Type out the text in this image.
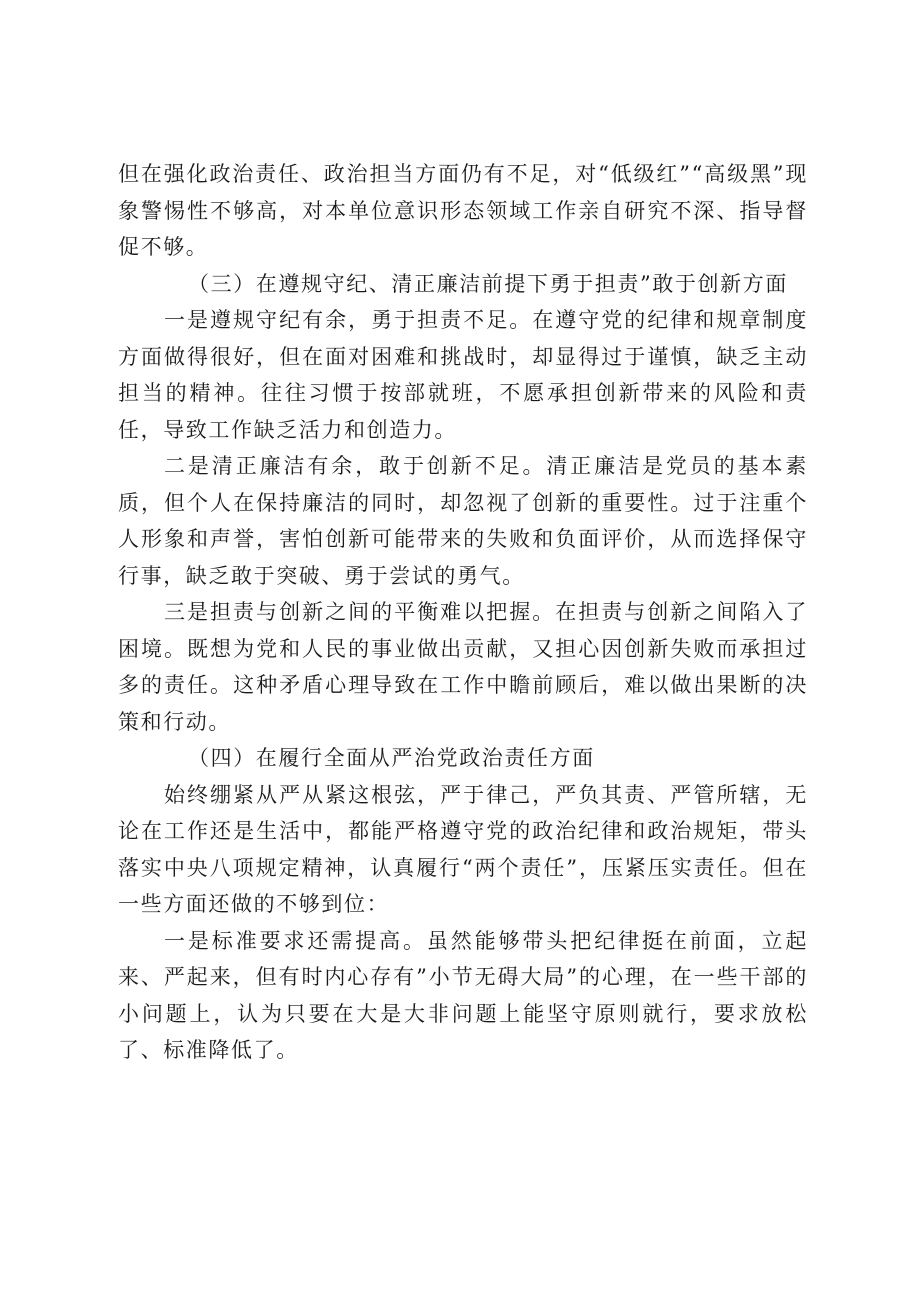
但在强化政治责任、政治担当方面仍有不足，对“低级红”“高级黑”现象警惕性不够高，对本单位意识形态领域工作亲自研究不深、指导督促不够。

（三）在遵规守纪、清正廉洁前提下勇于担责”敢于创新方面

一是遵规守纪有余，勇于担责不足。在遵守党的纪律和规章制度方面做得很好，但在面对困难和挑战时，却显得过于谨慎，缺乏主动担当的精神。往往习惯于按部就班，不愿承担创新带来的风险和责任，导致工作缺乏活力和创造力。

二是清正廉洁有余，敢于创新不足。清正廉洁是党员的基本素质，但个人在保持廉洁的同时，却忽视了创新的重要性。过于注重个人形象和声誉，害怕创新可能带来的失败和负面评价，从而选择保守行事，缺乏敢于突破、勇于尝试的勇气。

三是担责与创新之间的平衡难以把握。在担责与创新之间陷入了困境。既想为党和人民的事业做出贡献，又担心因创新失败而承担过多的责任。这种矛盾心理导致在工作中瞻前顾后，难以做出果断的决策和行动。

（四）在履行全面从严治党政治责任方面

始终绷紧从严从紧这根弦，严于律己，严负其责、严管所辖，无论在工作还是生活中，都能严格遵守党的政治纪律和政治规矩，带头落实中央八项规定精神，认真履行“两个责任”，压紧压实责任。但在一些方面还做的不够到位：

一是标准要求还需提高。虽然能够带头把纪律挺在前面，立起来、严起来，但有时内心存有”小节无碍大局”的心理，在一些干部的小问题上，认为只要在大是大非问题上能坚守原则就行，要求放松了、标准降低了。
